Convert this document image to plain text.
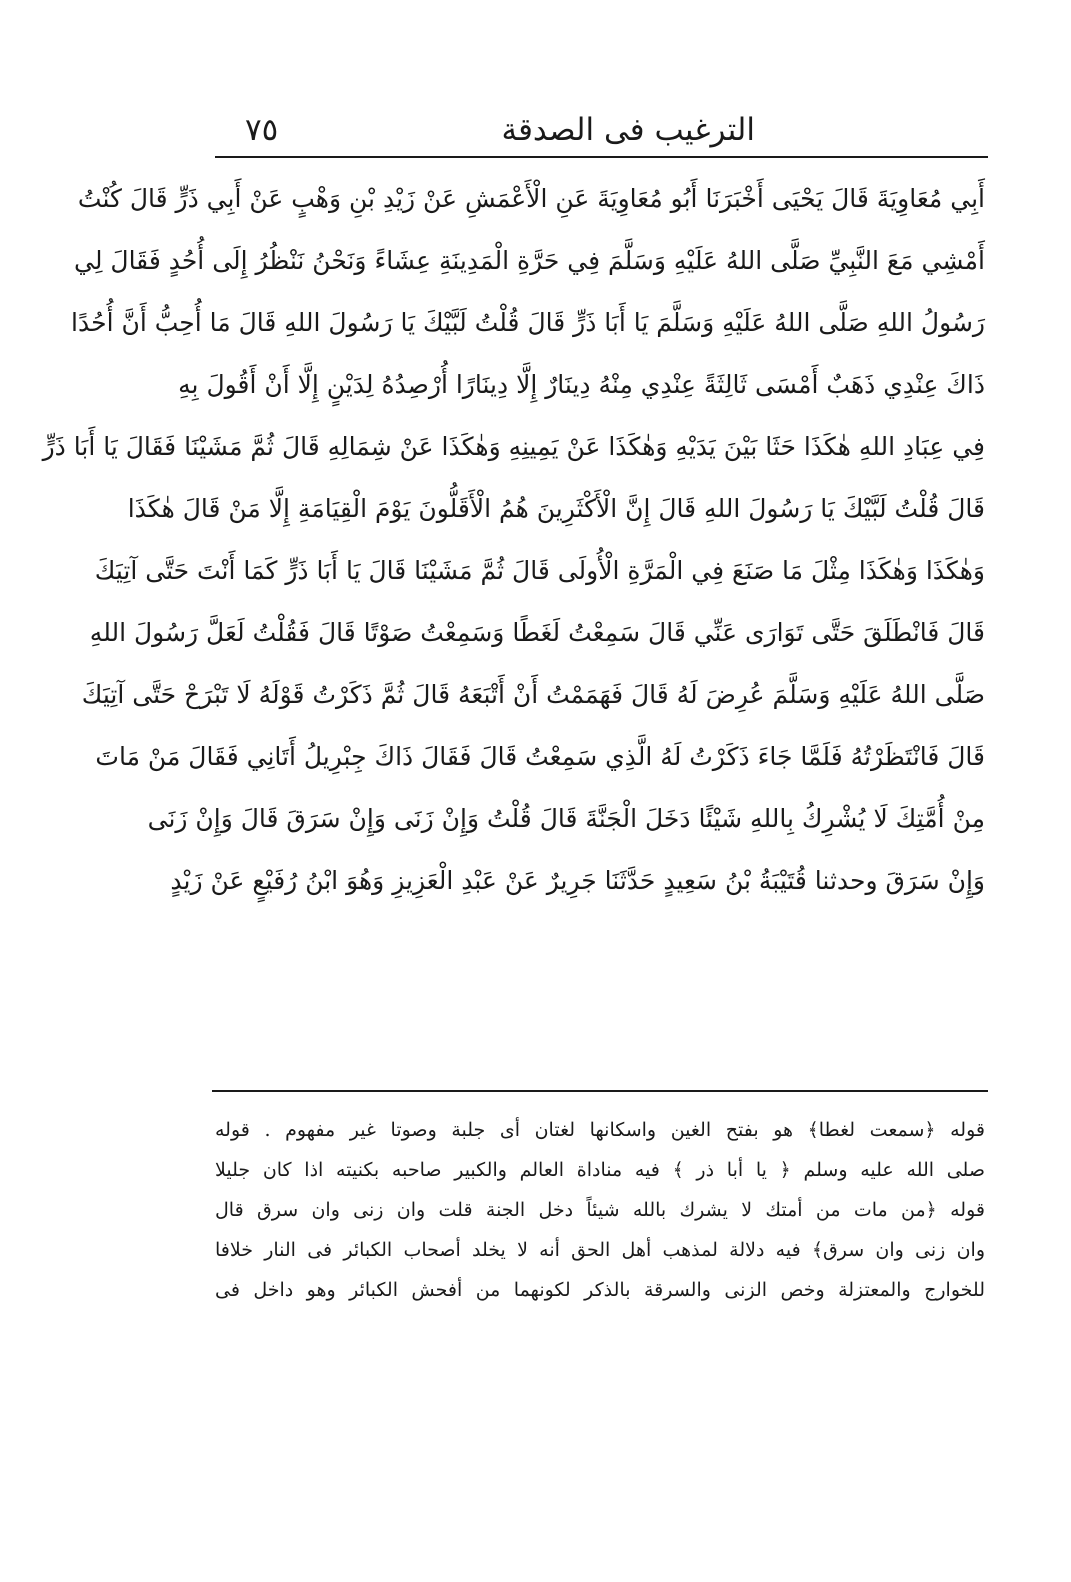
الترغيب فى الصدقة
٧٥
أَبِي مُعَاوِيَةَ قَالَ يَحْيَى أَخْبَرَنَا أَبُو مُعَاوِيَةَ عَنِ الْأَعْمَشِ عَنْ زَيْدِ بْنِ وَهْبٍ عَنْ أَبِي ذَرٍّ قَالَ كُنْتُ
أَمْشِي مَعَ النَّبِيِّ صَلَّى اللهُ عَلَيْهِ وَسَلَّمَ فِي حَرَّةِ الْمَدِينَةِ عِشَاءً وَنَحْنُ نَنْظُرُ إِلَى أُحُدٍ فَقَالَ لِي
رَسُولُ اللهِ صَلَّى اللهُ عَلَيْهِ وَسَلَّمَ يَا أَبَا ذَرٍّ قَالَ قُلْتُ لَبَّيْكَ يَا رَسُولَ اللهِ قَالَ مَا أُحِبُّ أَنَّ أُحُدًا
ذَاكَ عِنْدِي ذَهَبٌ أَمْسَى ثَالِثَةً عِنْدِي مِنْهُ دِينَارٌ إِلَّا دِينَارًا أُرْصِدُهُ لِدَيْنٍ إِلَّا أَنْ أَقُولَ بِهِ
فِي عِبَادِ اللهِ هٰكَذَا حَثَا بَيْنَ يَدَيْهِ وَهٰكَذَا عَنْ يَمِينِهِ وَهٰكَذَا عَنْ شِمَالِهِ قَالَ ثُمَّ مَشَيْنَا فَقَالَ يَا أَبَا ذَرٍّ
قَالَ قُلْتُ لَبَّيْكَ يَا رَسُولَ اللهِ قَالَ إِنَّ الْأَكْثَرِينَ هُمُ الْأَقَلُّونَ يَوْمَ الْقِيَامَةِ إِلَّا مَنْ قَالَ هٰكَذَا
وَهٰكَذَا وَهٰكَذَا مِثْلَ مَا صَنَعَ فِي الْمَرَّةِ الْأُولَى قَالَ ثُمَّ مَشَيْنَا قَالَ يَا أَبَا ذَرٍّ كَمَا أَنْتَ حَتَّى آتِيَكَ
قَالَ فَانْطَلَقَ حَتَّى تَوَارَى عَنِّي قَالَ سَمِعْتُ لَغَطًا وَسَمِعْتُ صَوْتًا قَالَ فَقُلْتُ لَعَلَّ رَسُولَ اللهِ
صَلَّى اللهُ عَلَيْهِ وَسَلَّمَ عُرِضَ لَهُ قَالَ فَهَمَمْتُ أَنْ أَتْبَعَهُ قَالَ ثُمَّ ذَكَرْتُ قَوْلَهُ لَا تَبْرَحْ حَتَّى آتِيَكَ
قَالَ فَانْتَظَرْتُهُ فَلَمَّا جَاءَ ذَكَرْتُ لَهُ الَّذِي سَمِعْتُ قَالَ فَقَالَ ذَاكَ جِبْرِيلُ أَتَانِي فَقَالَ مَنْ مَاتَ
مِنْ أُمَّتِكَ لَا يُشْرِكُ بِاللهِ شَيْئًا دَخَلَ الْجَنَّةَ قَالَ قُلْتُ وَإِنْ زَنَى وَإِنْ سَرَقَ قَالَ وَإِنْ زَنَى
وَإِنْ سَرَقَ وحدثنا قُتَيْبَةُ بْنُ سَعِيدٍ حَدَّثَنَا جَرِيرٌ عَنْ عَبْدِ الْعَزِيزِ وَهُوَ ابْنُ رُفَيْعٍ عَنْ زَيْدٍ
قوله ﴿سمعت لغطا﴾ هو بفتح الغين واسكانها لغتان أى جلبة وصوتا غير مفهوم . قوله
صلى الله عليه وسلم ﴿ يا أبا ذر ﴾ فيه مناداة العالم والكبير صاحبه بكنيته اذا كان جليلا
قوله ﴿من مات من أمتك لا يشرك بالله شيئاً دخل الجنة قلت وان زنى وان سرق قال
وان زنى وان سرق﴾ فيه دلالة لمذهب أهل الحق أنه لا يخلد أصحاب الكبائر فى النار خلافا
للخوارج والمعتزلة وخص الزنى والسرقة بالذكر لكونهما من أفحش الكبائر وهو داخل فى
